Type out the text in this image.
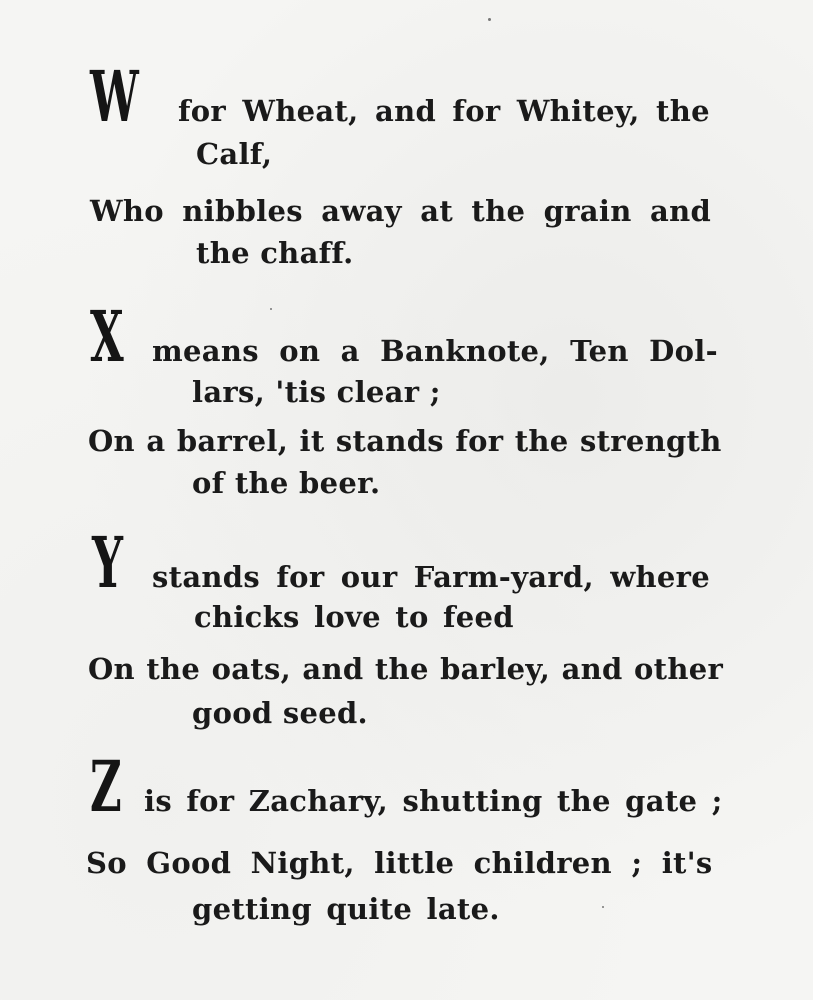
W for Wheat, and for Whitey, the
Calf,
Who nibbles away at the grain and
the chaff.
X means on a Banknote, Ten Dol-
lars, 'tis clear ;
On a barrel, it stands for the strength
of the beer.
Y stands for our Farm-yard, where
chicks love to feed
On the oats, and the barley, and other
good seed.
Z is for Zachary, shutting the gate ;
So Good Night, little children ; it's
getting quite late.
